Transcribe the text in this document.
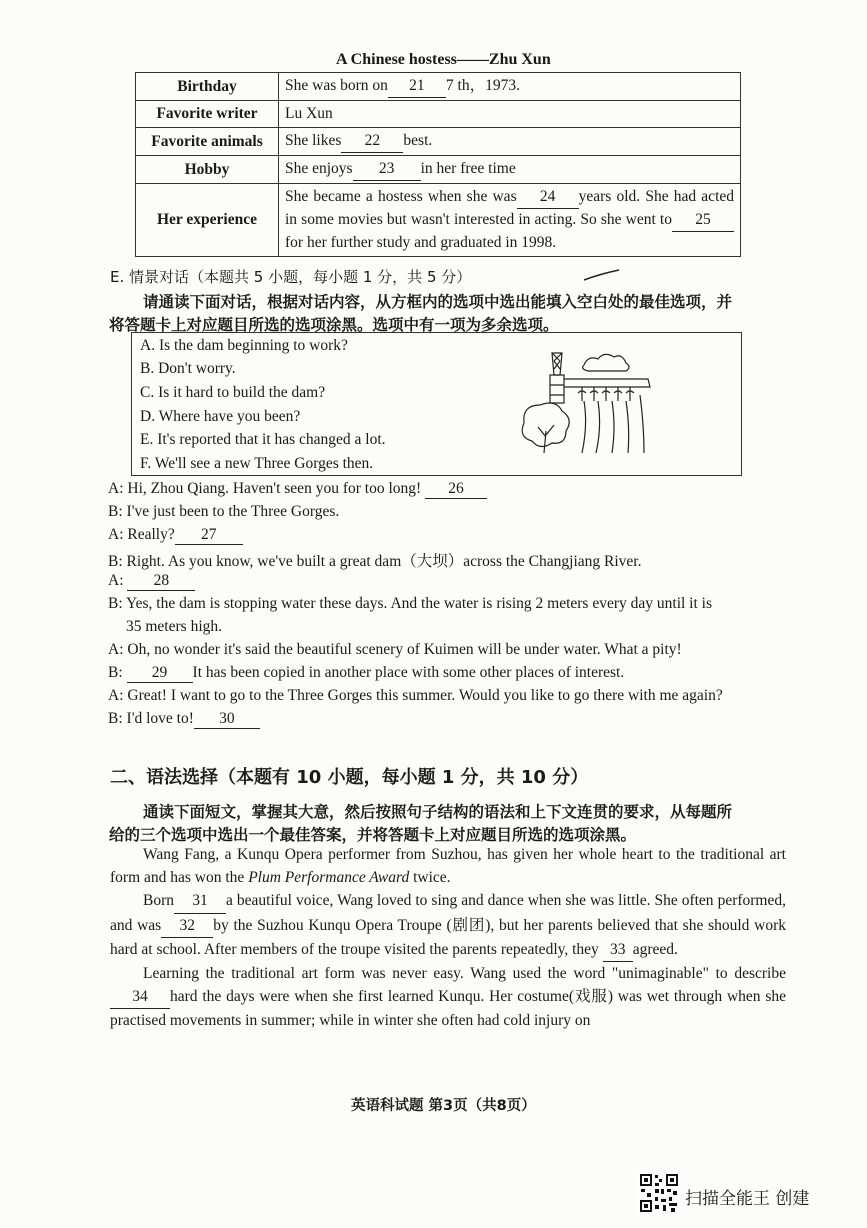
A Chinese hostess——Zhu Xun
Birthday	She was born on 21 7 th，1973.
Favorite writer	Lu Xun
Favorite animals	She likes 22 best.
Hobby	She enjoys 23 in her free time
Her experience	She became a hostess when she was 24 years old. She had acted in some movies but wasn't interested in acting. So she went to 25for her further study and graduated in 1998.
E. 情景对话（本题共 5 小题，每小题 1 分，共 5 分）
请通读下面对话，根据对话内容，从方框内的选项中选出能填入空白处的最佳选项，并
将答题卡上对应题目所选的选项涂黑。选项中有一项为多余选项。
A. Is the dam beginning to work?
B. Don't worry.
C. Is it hard to build the dam?
D. Where have you been?
E. It's reported that it has changed a lot.
F. We'll see a new Three Gorges then.
A: Hi, Zhou Qiang. Haven't seen you for too long! 26
B: I've just been to the Three Gorges.
A: Really? 27
B: Right. As you know, we've built a great dam（大坝）across the Changjiang River.
A: 28
B: Yes, the dam is stopping water these days. And the water is rising 2 meters every day until it is
35 meters high.
A: Oh, no wonder it's said the beautiful scenery of Kuimen will be under water. What a pity!
B: 29 It has been copied in another place with some other places of interest.
A: Great! I want to go to the Three Gorges this summer. Would you like to go there with me again?
B: I'd love to! 30
二、语法选择（本题有 10 小题，每小题 1 分，共 10 分）
通读下面短文，掌握其大意，然后按照句子结构的语法和上下文连贯的要求，从每题所
给的三个选项中选出一个最佳答案，并将答题卡上对应题目所选的选项涂黑。

Wang Fang, a Kunqu Opera performer from Suzhou, has given her whole heart to the traditional art form and has won the Plum Performance Award twice.

Born 31 a beautiful voice, Wang loved to sing and dance when she was little. She often performed, and was 32 by the Suzhou Kunqu Opera Troupe (剧团), but her parents believed that she should work hard at school. After members of the troupe visited the parents repeatedly, they 33 agreed.

Learning the traditional art form was never easy. Wang used the word "unimaginable" to describe34 hard the days were when she first learned Kunqu. Her costume(戏服) was wet through when she practised movements in summer; while in winter she often had cold injury on

英语科试题 第3页（共8页）
扫描全能王 创建
